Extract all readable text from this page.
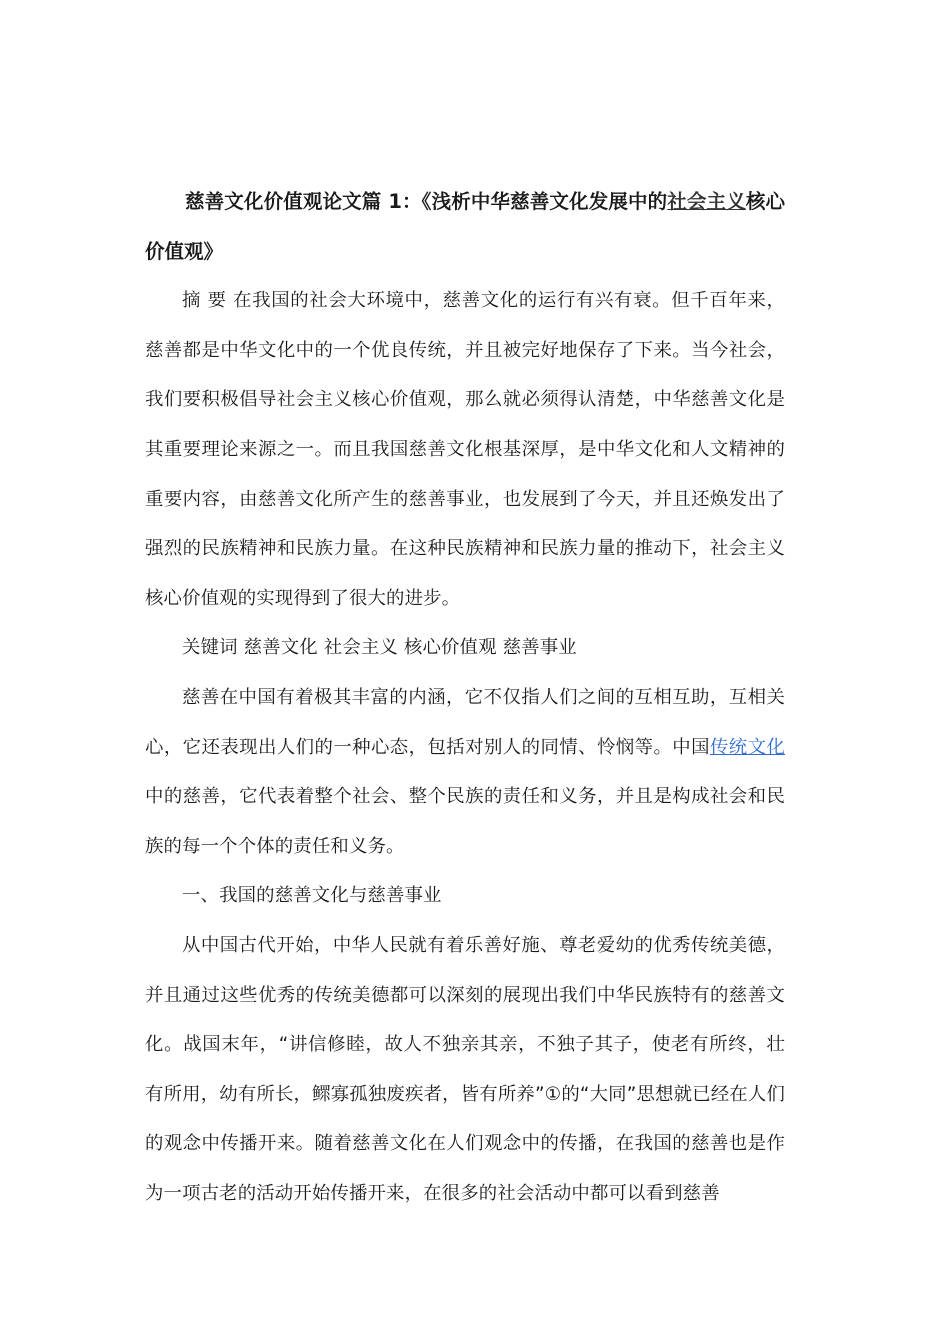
慈善文化价值观论文篇 1：《浅析中华慈善文化发展中的社会主义核心价值观》

摘 要 在我国的社会大环境中，慈善文化的运行有兴有衰。但千百年来，慈善都是中华文化中的一个优良传统，并且被完好地保存了下来。当今社会，我们要积极倡导社会主义核心价值观，那么就必须得认清楚，中华慈善文化是其重要理论来源之一。而且我国慈善文化根基深厚，是中华文化和人文精神的重要内容，由慈善文化所产生的慈善事业，也发展到了今天，并且还焕发出了强烈的民族精神和民族力量。在这种民族精神和民族力量的推动下，社会主义核心价值观的实现得到了很大的进步。

关键词 慈善文化 社会主义 核心价值观 慈善事业

慈善在中国有着极其丰富的内涵，它不仅指人们之间的互相互助，互相关心，它还表现出人们的一种心态，包括对别人的同情、怜悯等。中国传统文化中的慈善，它代表着整个社会、整个民族的责任和义务，并且是构成社会和民族的每一个个体的责任和义务。

一、我国的慈善文化与慈善事业

从中国古代开始，中华人民就有着乐善好施、尊老爱幼的优秀传统美德，并且通过这些优秀的传统美德都可以深刻的展现出我们中华民族特有的慈善文化。战国末年，“讲信修睦，故人不独亲其亲，不独子其子，使老有所终，壮有所用，幼有所长，鳏寡孤独废疾者，皆有所养”①的“大同”思想就已经在人们的观念中传播开来。随着慈善文化在人们观念中的传播，在我国的慈善也是作为一项古老的活动开始传播开来，在很多的社会活动中都可以看到慈善
